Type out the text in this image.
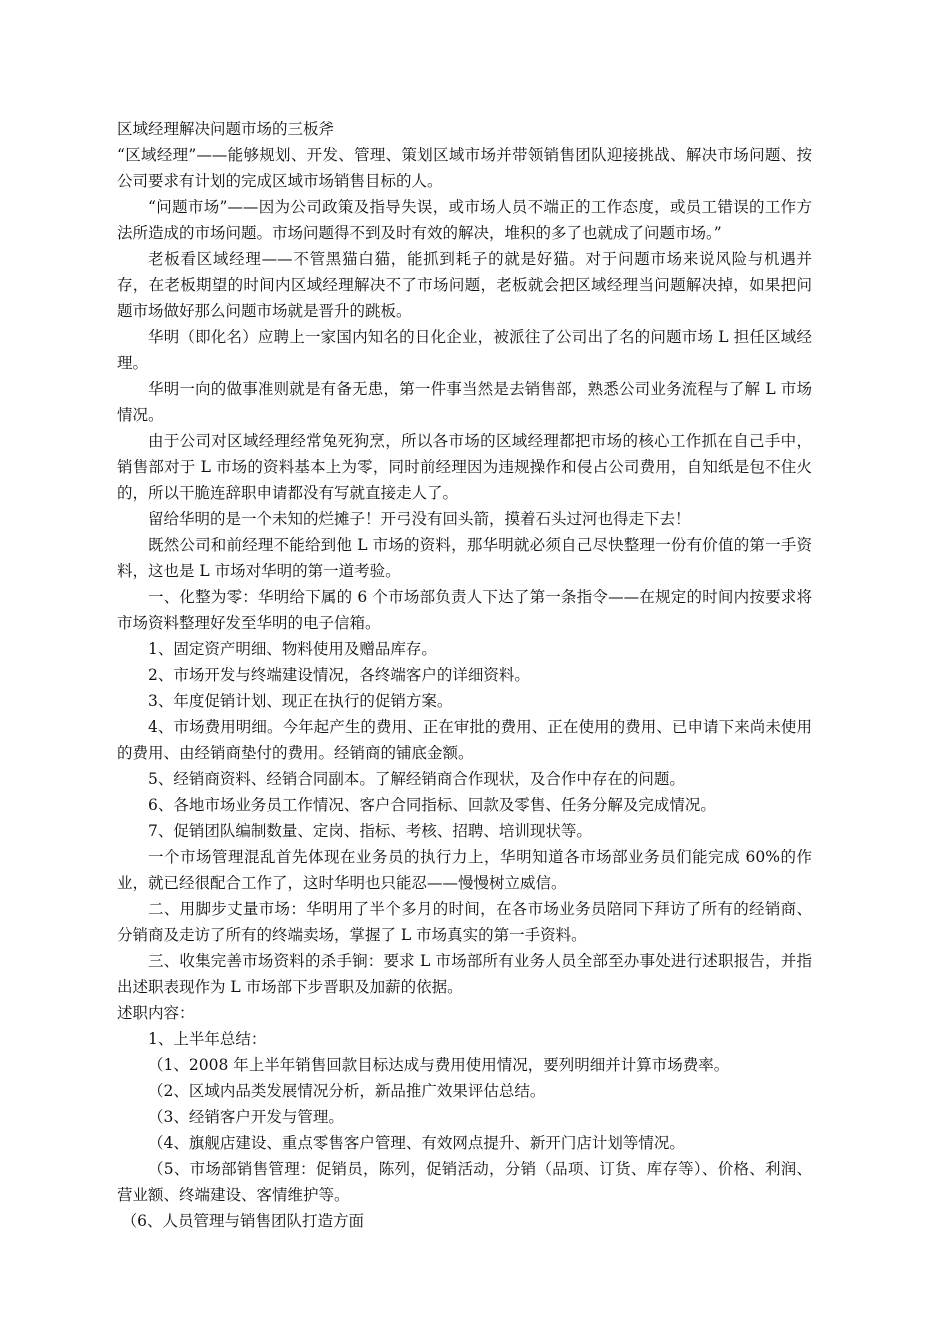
区域经理解决问题市场的三板斧

“区域经理”——能够规划、开发、管理、策划区域市场并带领销售团队迎接挑战、解决市场问题、按公司要求有计划的完成区域市场销售目标的人。

“问题市场”——因为公司政策及指导失误，或市场人员不端正的工作态度，或员工错误的工作方法所造成的市场问题。市场问题得不到及时有效的解决，堆积的多了也就成了问题市场。”

老板看区域经理——不管黑猫白猫，能抓到耗子的就是好猫。对于问题市场来说风险与机遇并存，在老板期望的时间内区域经理解决不了市场问题，老板就会把区域经理当问题解决掉，如果把问题市场做好那么问题市场就是晋升的跳板。

华明（即化名）应聘上一家国内知名的日化企业，被派往了公司出了名的问题市场 L 担任区域经理。

华明一向的做事准则就是有备无患，第一件事当然是去销售部，熟悉公司业务流程与了解 L 市场情况。

由于公司对区域经理经常兔死狗烹，所以各市场的区域经理都把市场的核心工作抓在自己手中，销售部对于 L 市场的资料基本上为零，同时前经理因为违规操作和侵占公司费用，自知纸是包不住火的，所以干脆连辞职申请都没有写就直接走人了。

留给华明的是一个未知的烂摊子！开弓没有回头箭，摸着石头过河也得走下去！

既然公司和前经理不能给到他 L 市场的资料，那华明就必须自己尽快整理一份有价值的第一手资料，这也是 L 市场对华明的第一道考验。

一、化整为零：华明给下属的 6 个市场部负责人下达了第一条指令——在规定的时间内按要求将市场资料整理好发至华明的电子信箱。

1、固定资产明细、物料使用及赠品库存。

2、市场开发与终端建设情况，各终端客户的详细资料。

3、年度促销计划、现正在执行的促销方案。

4、市场费用明细。今年起产生的费用、正在审批的费用、正在使用的费用、已申请下来尚未使用的费用、由经销商垫付的费用。经销商的铺底金额。

5、经销商资料、经销合同副本。了解经销商合作现状，及合作中存在的问题。

6、各地市场业务员工作情况、客户合同指标、回款及零售、任务分解及完成情况。

7、促销团队编制数量、定岗、指标、考核、招聘、培训现状等。

一个市场管理混乱首先体现在业务员的执行力上，华明知道各市场部业务员们能完成 60%的作业，就已经很配合工作了，这时华明也只能忍——慢慢树立威信。

二、用脚步丈量市场：华明用了半个多月的时间，在各市场业务员陪同下拜访了所有的经销商、分销商及走访了所有的终端卖场，掌握了 L 市场真实的第一手资料。

三、收集完善市场资料的杀手锏：要求 L 市场部所有业务人员全部至办事处进行述职报告，并指出述职表现作为 L 市场部下步晋职及加薪的依据。

述职内容：

1、上半年总结：

（1、2008 年上半年销售回款目标达成与费用使用情况，要列明细并计算市场费率。

（2、区域内品类发展情况分析，新品推广效果评估总结。

（3、经销客户开发与管理。

（4、旗舰店建设、重点零售客户管理、有效网点提升、新开门店计划等情况。

（5、市场部销售管理：促销员，陈列，促销活动，分销（品项、订货、库存等）、价格、利润、营业额、终端建设、客情维护等。

（6、人员管理与销售团队打造方面
